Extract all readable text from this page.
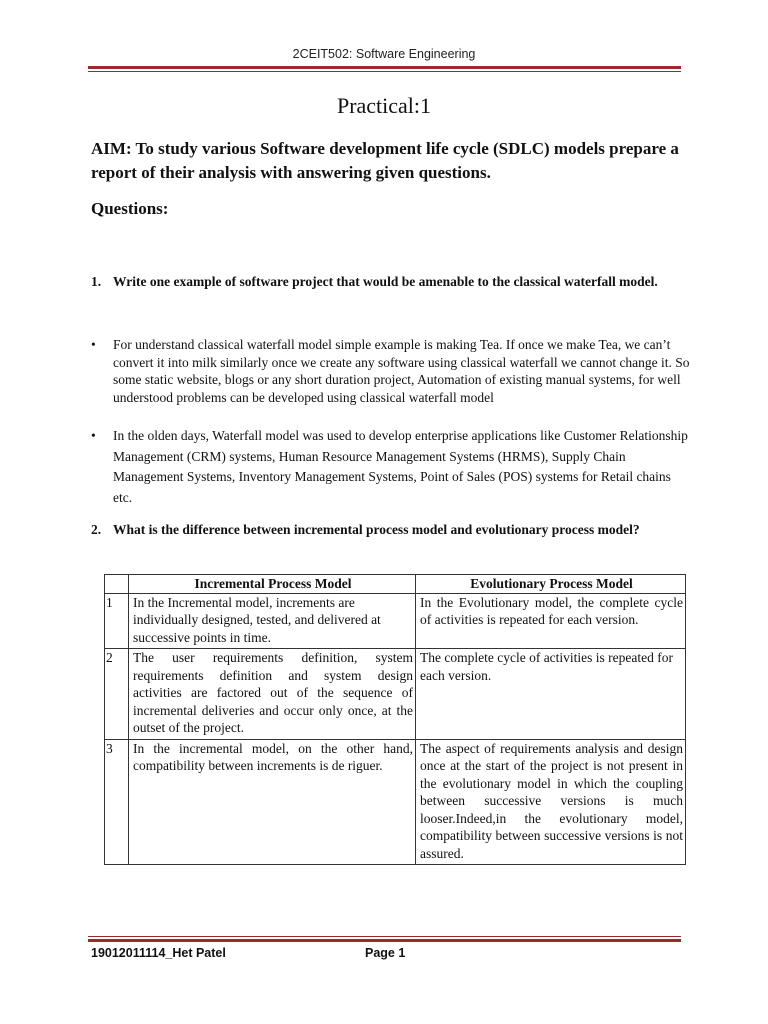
2CEIT502: Software Engineering
Practical:1
AIM: To study various Software development life cycle (SDLC) models prepare a report of their analysis with answering given questions.
Questions:
1. Write one example of software project that would be amenable to the classical waterfall model.
• For understand classical waterfall model simple example is making Tea. If once we make Tea, we can’t convert it into milk similarly once we create any software using classical waterfall we cannot change it. So some static website, blogs or any short duration project, Automation of existing manual systems, for well understood problems can be developed using classical waterfall model
• In the olden days, Waterfall model was used to develop enterprise applications like Customer Relationship Management (CRM) systems, Human Resource Management Systems (HRMS), Supply Chain Management Systems, Inventory Management Systems, Point of Sales (POS) systems for Retail chains etc.
2. What is the difference between incremental process model and evolutionary process model?
	Incremental Process Model	Evolutionary Process Model
1	In the Incremental model, increments are individually designed, tested, and delivered at successive points in time.	In the Evolutionary model, the complete cycle of activities is repeated for each version.
2	The user requirements definition, system requirements definition and system design activities are factored out of the sequence of incremental deliveries and occur only once, at the outset of the project.	The complete cycle of activities is repeated for each version.
3	In the incremental model, on the other hand, compatibility between increments is de riguer.	The aspect of requirements analysis and design once at the start of the project is not present in the evolutionary model in which the coupling between successive versions is much looser.Indeed,in the evolutionary model, compatibility between successive versions is not assured.
19012011114_Het Patel	Page 1
